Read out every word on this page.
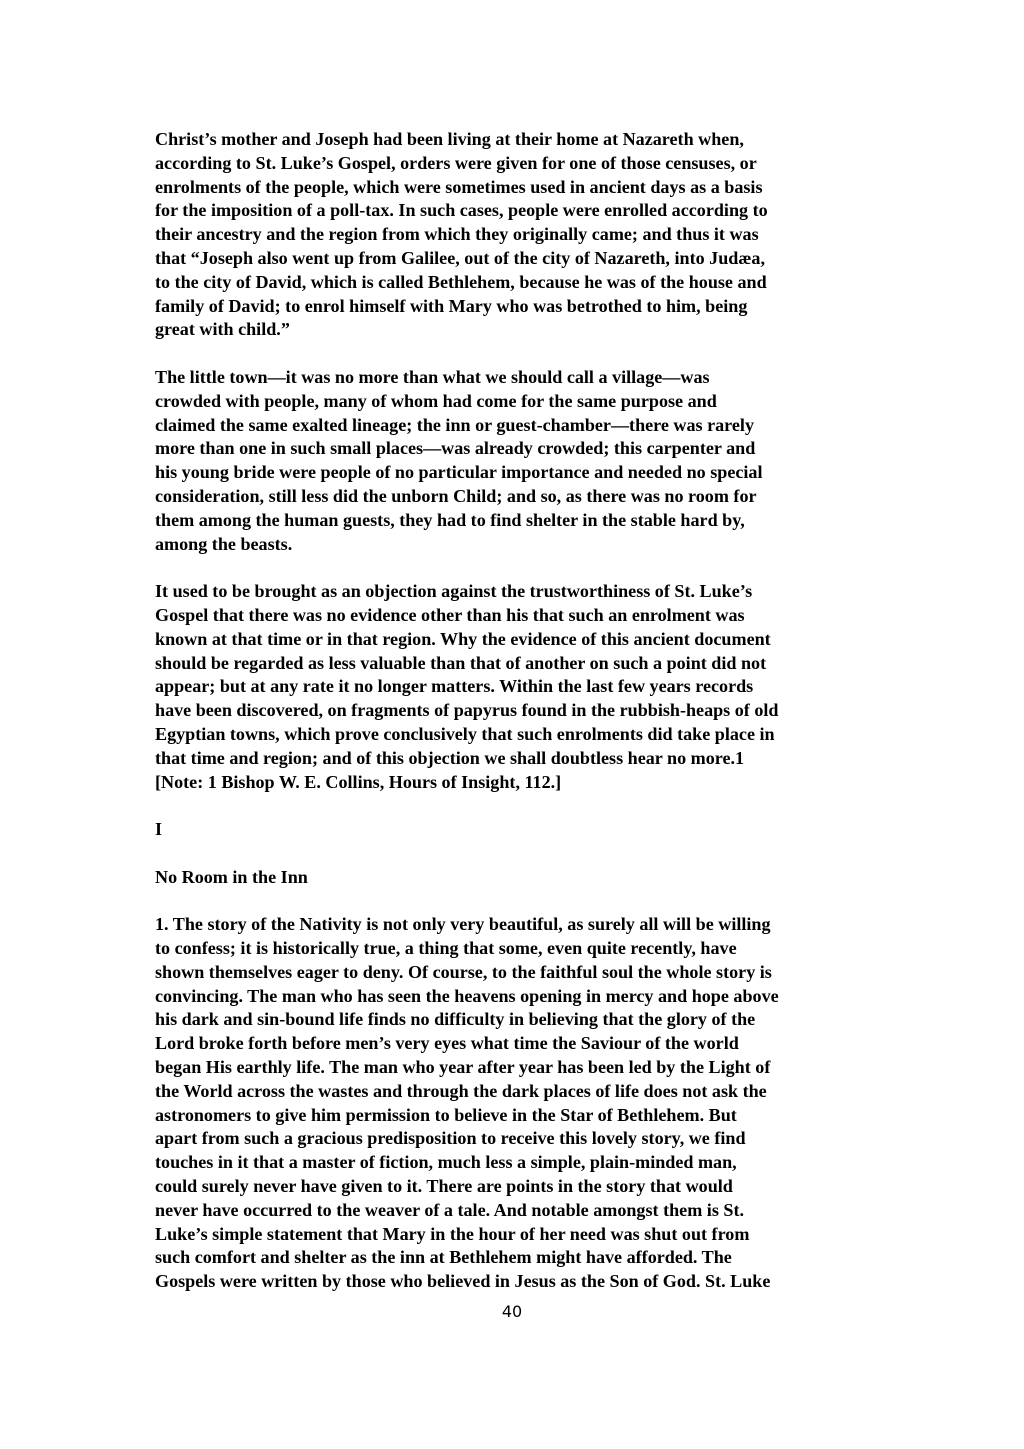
Christ’s mother and Joseph had been living at their home at Nazareth when,
according to St. Luke’s Gospel, orders were given for one of those censuses, or
enrolments of the people, which were sometimes used in ancient days as a basis
for the imposition of a poll-tax. In such cases, people were enrolled according to
their ancestry and the region from which they originally came; and thus it was
that “Joseph also went up from Galilee, out of the city of Nazareth, into Judæa,
to the city of David, which is called Bethlehem, because he was of the house and
family of David; to enrol himself with Mary who was betrothed to him, being
great with child.”

The little town—it was no more than what we should call a village—was
crowded with people, many of whom had come for the same purpose and
claimed the same exalted lineage; the inn or guest-chamber—there was rarely
more than one in such small places—was already crowded; this carpenter and
his young bride were people of no particular importance and needed no special
consideration, still less did the unborn Child; and so, as there was no room for
them among the human guests, they had to find shelter in the stable hard by,
among the beasts.

It used to be brought as an objection against the trustworthiness of St. Luke’s
Gospel that there was no evidence other than his that such an enrolment was
known at that time or in that region. Why the evidence of this ancient document
should be regarded as less valuable than that of another on such a point did not
appear; but at any rate it no longer matters. Within the last few years records
have been discovered, on fragments of papyrus found in the rubbish-heaps of old
Egyptian towns, which prove conclusively that such enrolments did take place in
that time and region; and of this objection we shall doubtless hear no more.1
[Note: 1 Bishop W. E. Collins, Hours of Insight, 112.]

I

No Room in the Inn

1. The story of the Nativity is not only very beautiful, as surely all will be willing
to confess; it is historically true, a thing that some, even quite recently, have
shown themselves eager to deny. Of course, to the faithful soul the whole story is
convincing. The man who has seen the heavens opening in mercy and hope above
his dark and sin-bound life finds no difficulty in believing that the glory of the
Lord broke forth before men’s very eyes what time the Saviour of the world
began His earthly life. The man who year after year has been led by the Light of
the World across the wastes and through the dark places of life does not ask the
astronomers to give him permission to believe in the Star of Bethlehem. But
apart from such a gracious predisposition to receive this lovely story, we find
touches in it that a master of fiction, much less a simple, plain-minded man,
could surely never have given to it. There are points in the story that would
never have occurred to the weaver of a tale. And notable amongst them is St.
Luke’s simple statement that Mary in the hour of her need was shut out from
such comfort and shelter as the inn at Bethlehem might have afforded. The
Gospels were written by those who believed in Jesus as the Son of God. St. Luke

40
